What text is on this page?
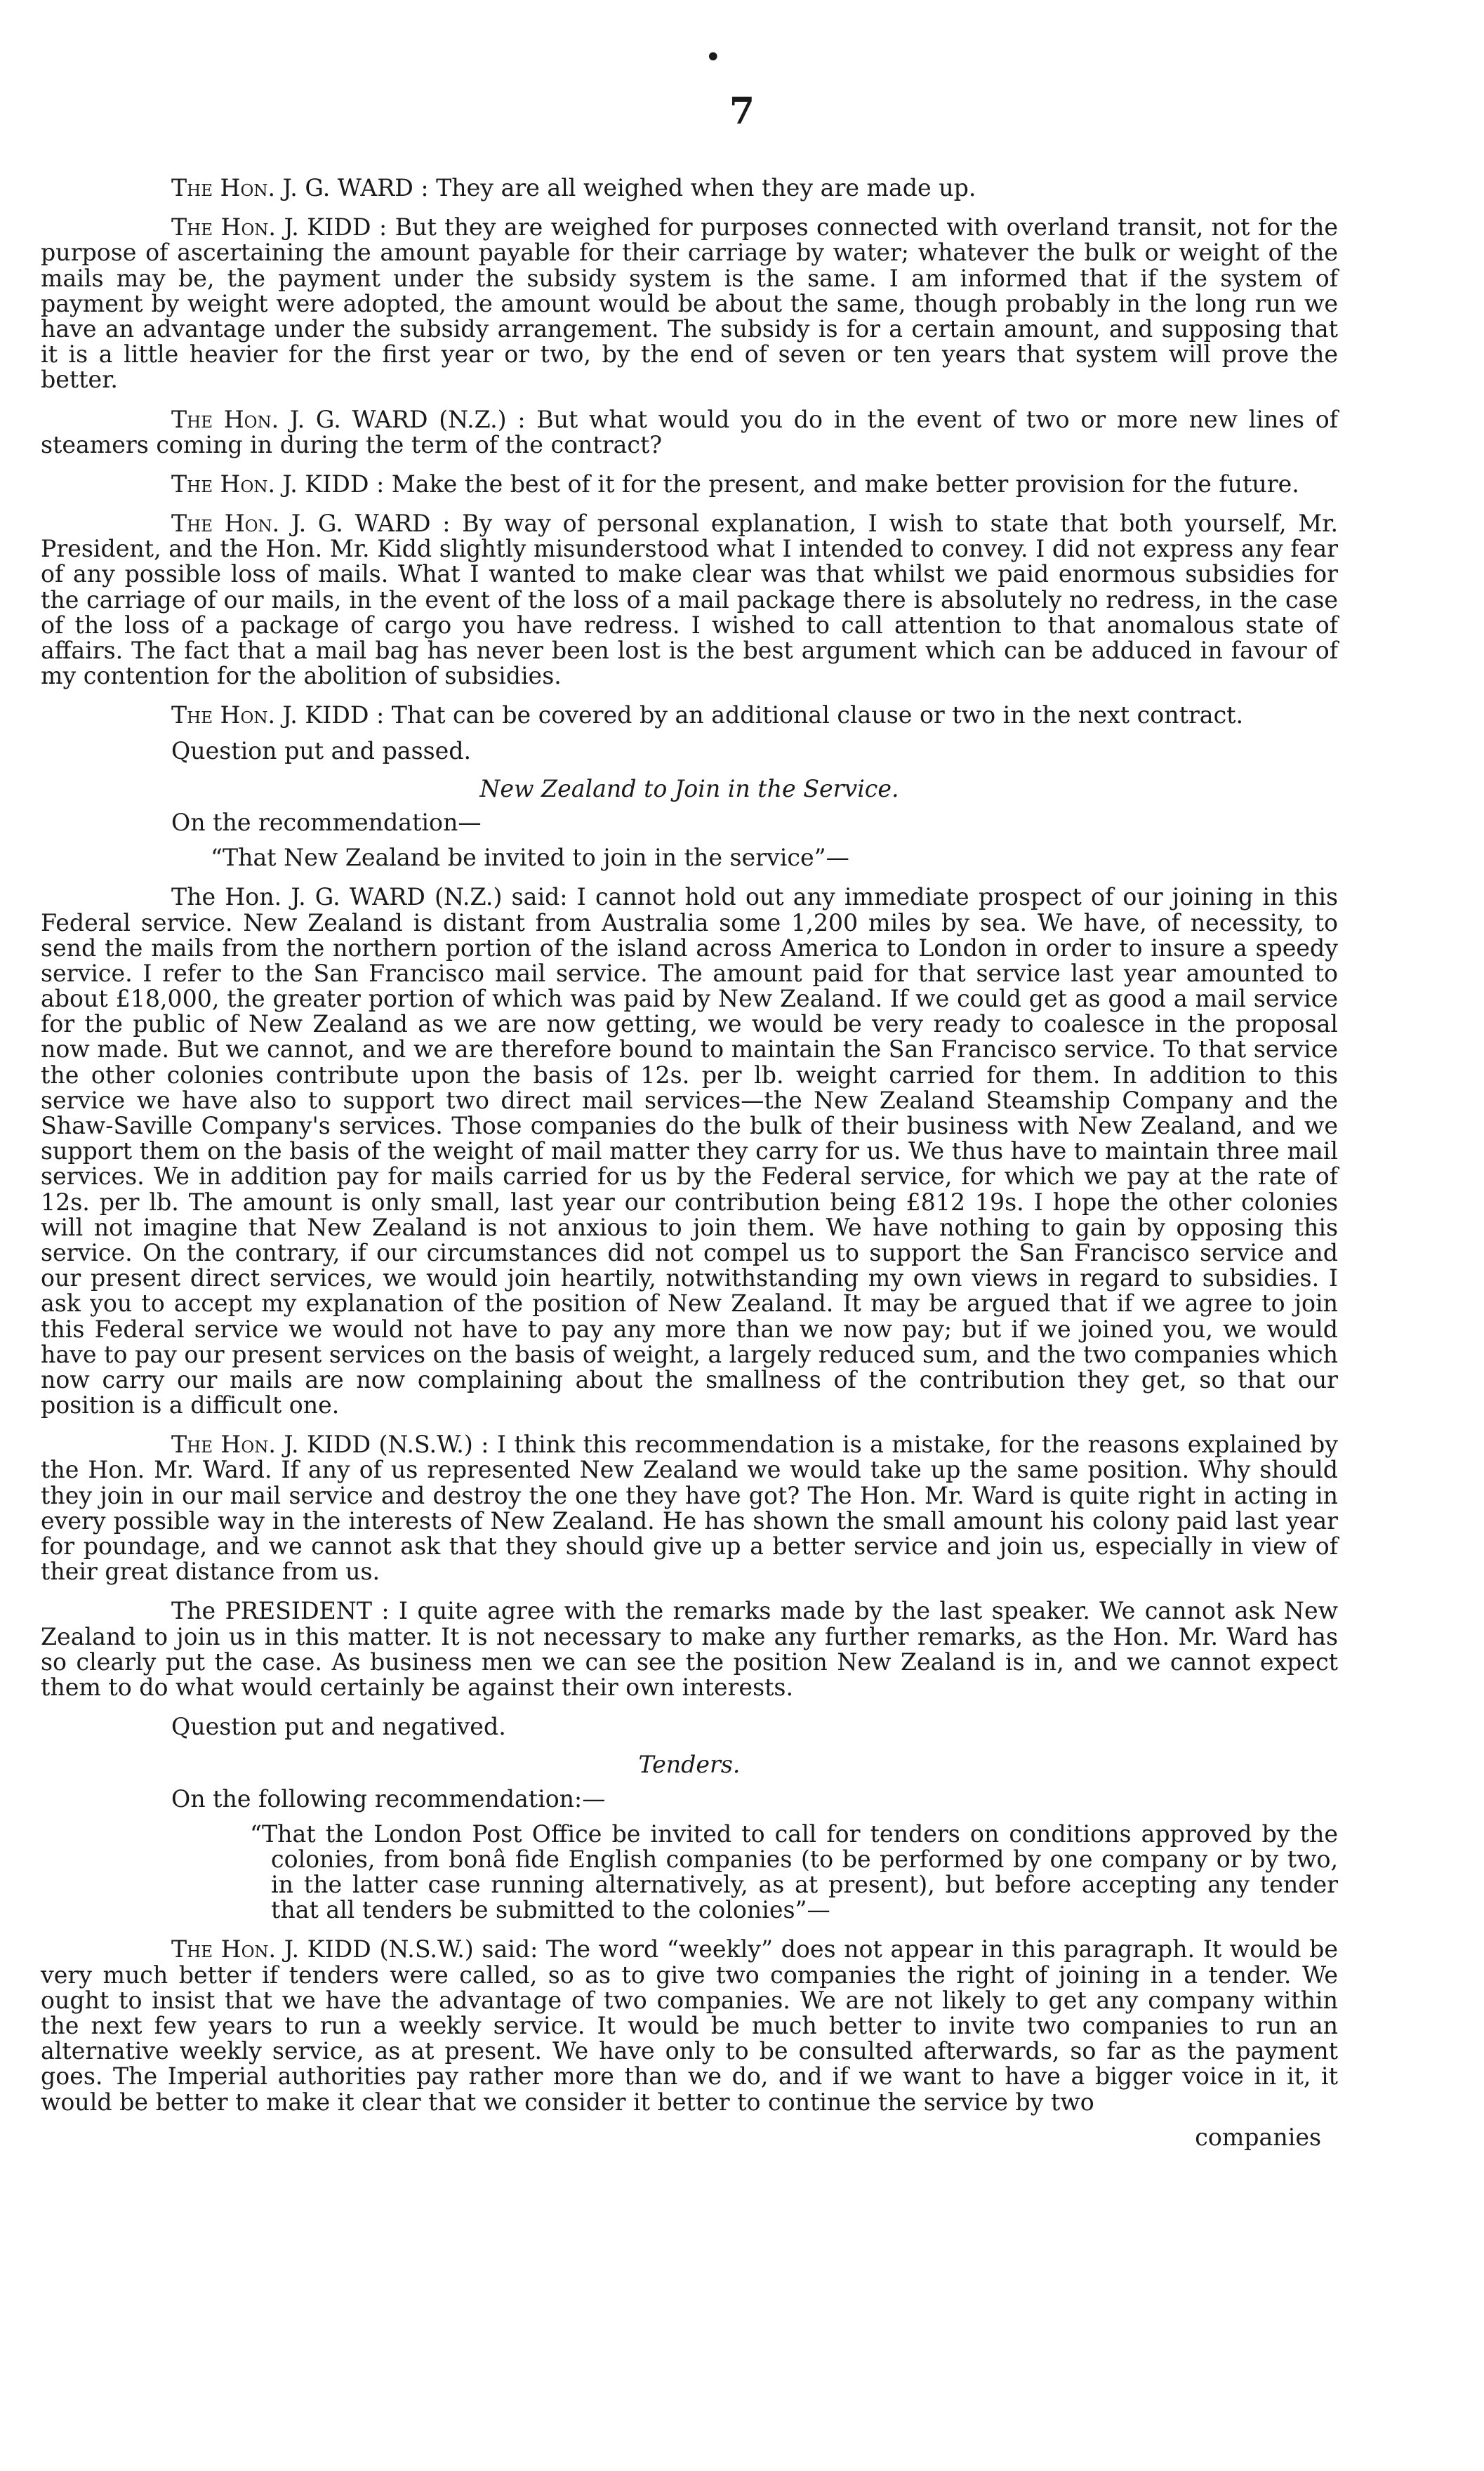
•
7

The Hon. J. G. WARD : They are all weighed when they are made up.

The Hon. J. KIDD : But they are weighed for purposes connected with overland transit, not for the purpose of ascertaining the amount payable for their carriage by water; whatever the bulk or weight of the mails may be, the payment under the subsidy system is the same. I am informed that if the system of payment by weight were adopted, the amount would be about the same, though probably in the long run we have an advantage under the subsidy arrangement. The subsidy is for a certain amount, and supposing that it is a little heavier for the first year or two, by the end of seven or ten years that system will prove the better.

The Hon. J. G. WARD (N.Z.) : But what would you do in the event of two or more new lines of steamers coming in during the term of the contract?

The Hon. J. KIDD : Make the best of it for the present, and make better provision for the future.

The Hon. J. G. WARD : By way of personal explanation, I wish to state that both yourself, Mr. President, and the Hon. Mr. Kidd slightly misunderstood what I intended to convey. I did not express any fear of any possible loss of mails. What I wanted to make clear was that whilst we paid enormous subsidies for the carriage of our mails, in the event of the loss of a mail package there is absolutely no redress, in the case of the loss of a package of cargo you have redress. I wished to call attention to that anomalous state of affairs. The fact that a mail bag has never been lost is the best argument which can be adduced in favour of my contention for the abolition of subsidies.

The Hon. J. KIDD : That can be covered by an additional clause or two in the next contract.

Question put and passed.

New Zealand to Join in the Service.

On the recommendation—

“That New Zealand be invited to join in the service”—

The Hon. J. G. WARD (N.Z.) said: I cannot hold out any immediate prospect of our joining in this Federal service. New Zealand is distant from Australia some 1,200 miles by sea. We have, of necessity, to send the mails from the northern portion of the island across America to London in order to insure a speedy service. I refer to the San Francisco mail service. The amount paid for that service last year amounted to about £18,000, the greater portion of which was paid by New Zealand. If we could get as good a mail service for the public of New Zealand as we are now getting, we would be very ready to coalesce in the proposal now made. But we cannot, and we are therefore bound to maintain the San Francisco service. To that service the other colonies contribute upon the basis of 12s. per lb. weight carried for them. In addition to this service we have also to support two direct mail services—the New Zealand Steamship Company and the Shaw-Saville Company's services. Those companies do the bulk of their business with New Zealand, and we support them on the basis of the weight of mail matter they carry for us. We thus have to maintain three mail services. We in addition pay for mails carried for us by the Federal service, for which we pay at the rate of 12s. per lb. The amount is only small, last year our contribution being £812 19s. I hope the other colonies will not imagine that New Zealand is not anxious to join them. We have nothing to gain by opposing this service. On the contrary, if our circumstances did not compel us to support the San Francisco service and our present direct services, we would join heartily, notwithstanding my own views in regard to subsidies. I ask you to accept my explanation of the position of New Zealand. It may be argued that if we agree to join this Federal service we would not have to pay any more than we now pay; but if we joined you, we would have to pay our present services on the basis of weight, a largely reduced sum, and the two companies which now carry our mails are now complaining about the smallness of the contribution they get, so that our position is a difficult one.

The Hon. J. KIDD (N.S.W.) : I think this recommendation is a mistake, for the reasons explained by the Hon. Mr. Ward. If any of us represented New Zealand we would take up the same position. Why should they join in our mail service and destroy the one they have got? The Hon. Mr. Ward is quite right in acting in every possible way in the interests of New Zealand. He has shown the small amount his colony paid last year for poundage, and we cannot ask that they should give up a better service and join us, especially in view of their great distance from us.

The PRESIDENT : I quite agree with the remarks made by the last speaker. We cannot ask New Zealand to join us in this matter. It is not necessary to make any further remarks, as the Hon. Mr. Ward has so clearly put the case. As business men we can see the position New Zealand is in, and we cannot expect them to do what would certainly be against their own interests.

Question put and negatived.

Tenders.

On the following recommendation:—

“That the London Post Office be invited to call for tenders on conditions approved by the colonies, from bonâ fide English companies (to be performed by one company or by two, in the latter case running alternatively, as at present), but before accepting any tender that all tenders be submitted to the colonies”—

The Hon. J. KIDD (N.S.W.) said: The word “weekly” does not appear in this paragraph. It would be very much better if tenders were called, so as to give two companies the right of joining in a tender. We ought to insist that we have the advantage of two companies. We are not likely to get any company within the next few years to run a weekly service. It would be much better to invite two companies to run an alternative weekly service, as at present. We have only to be consulted afterwards, so far as the payment goes. The Imperial authorities pay rather more than we do, and if we want to have a bigger voice in it, it would be better to make it clear that we consider it better to continue the service by two

companies
